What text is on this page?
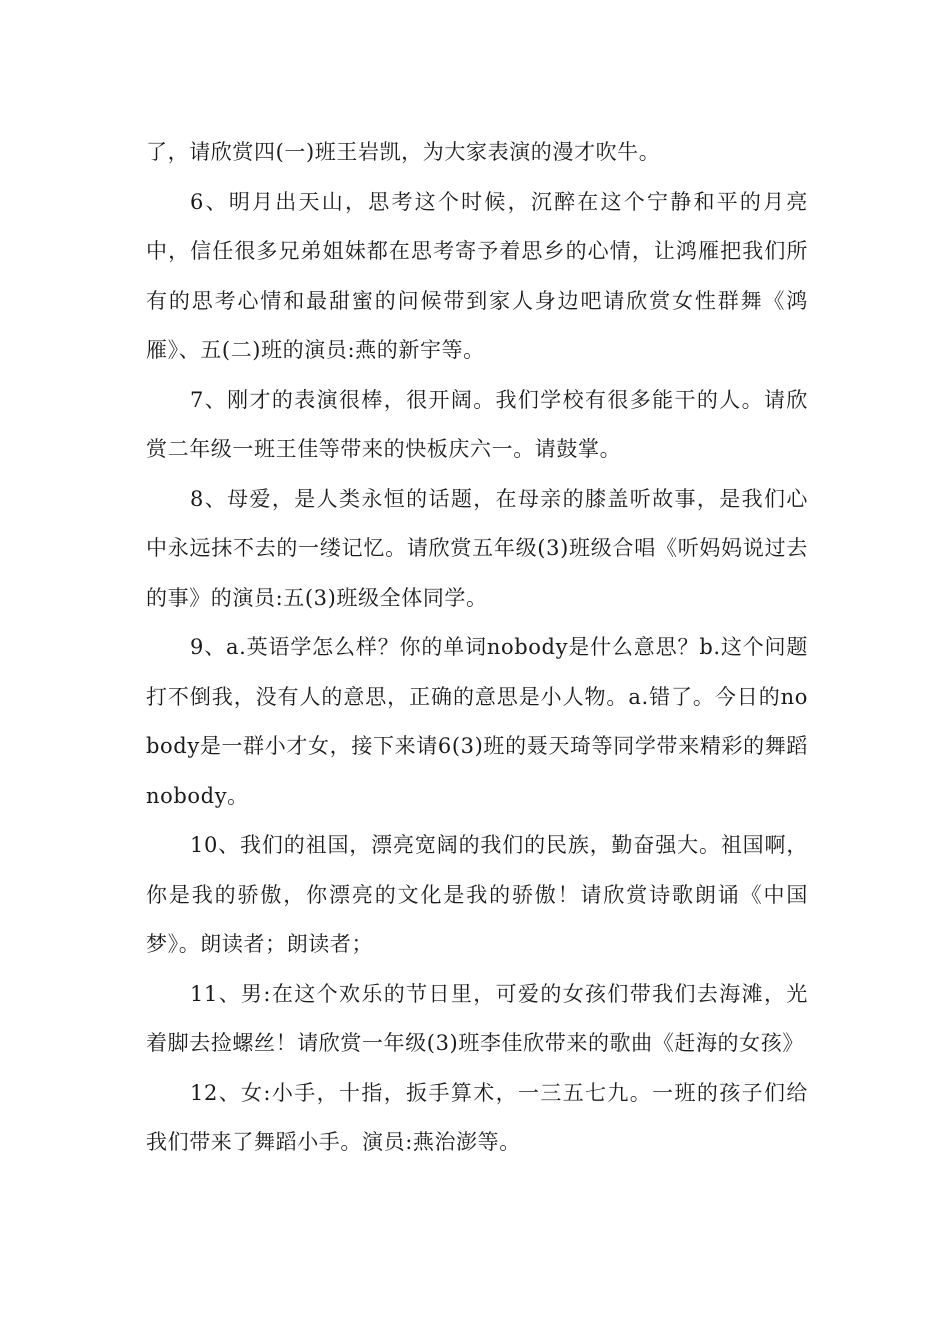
了，请欣赏四(一)班王岩凯，为大家表演的漫才吹牛。

6、明月出天山，思考这个时候，沉醉在这个宁静和平的月亮中，信任很多兄弟姐妹都在思考寄予着思乡的心情，让鸿雁把我们所有的思考心情和最甜蜜的问候带到家人身边吧请欣赏女性群舞《鸿雁》、五(二)班的演员:燕的新宇等。

7、刚才的表演很棒，很开阔。我们学校有很多能干的人。请欣赏二年级一班王佳等带来的快板庆六一。请鼓掌。

8、母爱，是人类永恒的话题，在母亲的膝盖听故事，是我们心中永远抹不去的一缕记忆。请欣赏五年级(3)班级合唱《听妈妈说过去的事》的演员:五(3)班级全体同学。

9、a.英语学怎么样？你的单词nobody是什么意思？b.这个问题打不倒我，没有人的意思，正确的意思是小人物。a.错了。今日的nobody是一群小才女，接下来请6(3)班的聂天琦等同学带来精彩的舞蹈nobody。

10、我们的祖国，漂亮宽阔的我们的民族，勤奋强大。祖国啊，你是我的骄傲，你漂亮的文化是我的骄傲！请欣赏诗歌朗诵《中国梦》。朗读者；朗读者；

11、男:在这个欢乐的节日里，可爱的女孩们带我们去海滩，光着脚去捡螺丝！请欣赏一年级(3)班李佳欣带来的歌曲《赶海的女孩》

12、女:小手，十指，扳手算术，一三五七九。一班的孩子们给我们带来了舞蹈小手。演员:燕治澎等。
